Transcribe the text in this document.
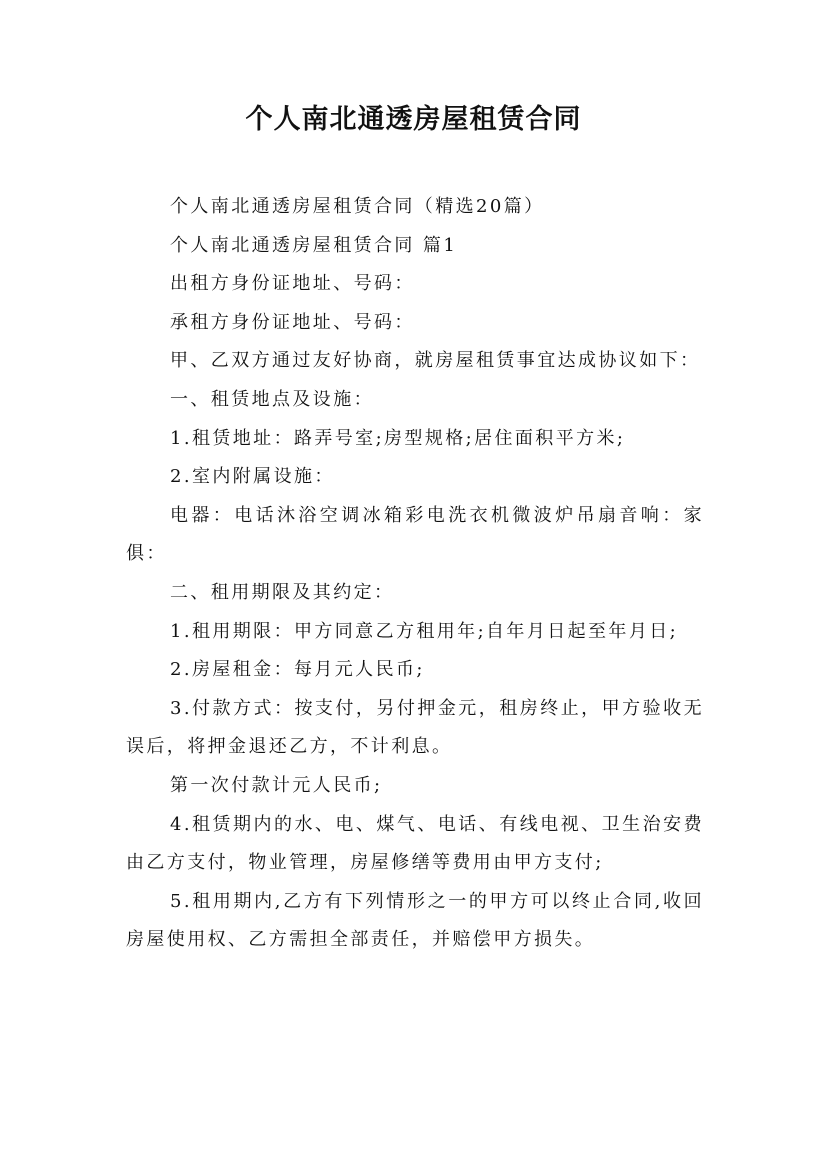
个人南北通透房屋租赁合同

个人南北通透房屋租赁合同（精选20篇）

个人南北通透房屋租赁合同 篇1

出租方身份证地址、号码：

承租方身份证地址、号码：

甲、乙双方通过友好协商，就房屋租赁事宜达成协议如下：

一、租赁地点及设施：

1.租赁地址：路弄号室;房型规格;居住面积平方米;

2.室内附属设施：

电器：电话沐浴空调冰箱彩电洗衣机微波炉吊扇音响：家俱：

二、租用期限及其约定：

1.租用期限：甲方同意乙方租用年;自年月日起至年月日;

2.房屋租金：每月元人民币;

3.付款方式：按支付，另付押金元，租房终止，甲方验收无误后，将押金退还乙方，不计利息。

第一次付款计元人民币;

4.租赁期内的水、电、煤气、电话、有线电视、卫生治安费由乙方支付，物业管理，房屋修缮等费用由甲方支付;

5.租用期内,乙方有下列情形之一的甲方可以终止合同,收回房屋使用权、乙方需担全部责任，并赔偿甲方损失。
